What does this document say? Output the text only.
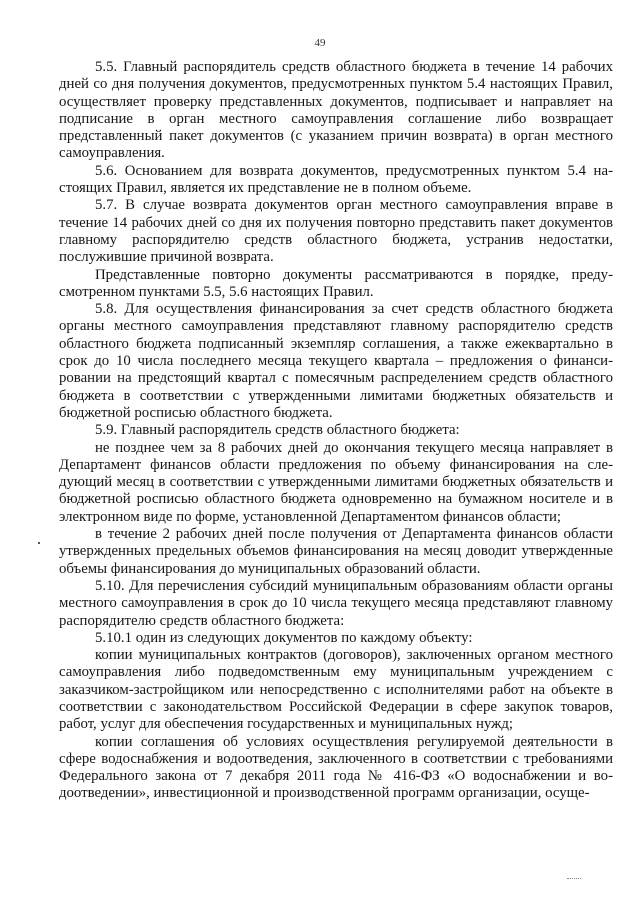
49

5.5. Главный распорядитель средств областного бюджета в течение 14 рабочих дней со дня получения документов, предусмотренных пунктом 5.4 настоящих Правил, осуществляет проверку представленных документов, подписывает и направляет на подписание в орган местного самоуправления соглашение либо возвращает представленный пакет документов (с указанием причин возврата) в орган местного самоуправления.

5.6. Основанием для возврата документов, предусмотренных пунктом 5.4 настоящих Правил, является их представление не в полном объеме.

5.7. В случае возврата документов орган местного самоуправления вправе в течение 14 рабочих дней со дня их получения повторно представить пакет документов главному распорядителю средств областного бюджета, устранив недостатки, послужившие причиной возврата.

Представленные повторно документы рассматриваются в порядке, предусмотренном пунктами 5.5, 5.6 настоящих Правил.

5.8. Для осуществления финансирования за счет средств областного бюджета органы местного самоуправления представляют главному распорядителю средств областного бюджета подписанный экземпляр соглашения, а также ежеквартально в срок до 10 числа последнего месяца текущего квартала – предложения о финансировании на предстоящий квартал с помесячным распределением средств областного бюджета в соответствии с утвержденными лимитами бюджетных обязательств и бюджетной росписью областного бюджета.

5.9. Главный распорядитель средств областного бюджета:

не позднее чем за 8 рабочих дней до окончания текущего месяца направляет в Департамент финансов области предложения по объему финансирования на следующий месяц в соответствии с утвержденными лимитами бюджетных обязательств и бюджетной росписью областного бюджета одновременно на бумажном носителе и в электронном виде по форме, установленной Департаментом финансов области;

в течение 2 рабочих дней после получения от Департамента финансов области утвержденных предельных объемов финансирования на месяц доводит утвержденные объемы финансирования до муниципальных образований области.

5.10. Для перечисления субсидий муниципальным образованиям области органы местного самоуправления в срок до 10 числа текущего месяца представляют главному распорядителю средств областного бюджета:

5.10.1 один из следующих документов по каждому объекту:

копии муниципальных контрактов (договоров), заключенных органом местного самоуправления либо подведомственным ему муниципальным учреждением с заказчиком-застройщиком или непосредственно с исполнителями работ на объекте в соответствии с законодательством Российской Федерации в сфере закупок товаров, работ, услуг для обеспечения государственных и муниципальных нужд;

копии соглашения об условиях осуществления регулируемой деятельности в сфере водоснабжения и водоотведения, заключенного в соответствии с требованиями Федерального закона от 7 декабря 2011 года № 416-ФЗ «О водоснабжении и водоотведении», инвестиционной и производственной программ организации, осуще-
